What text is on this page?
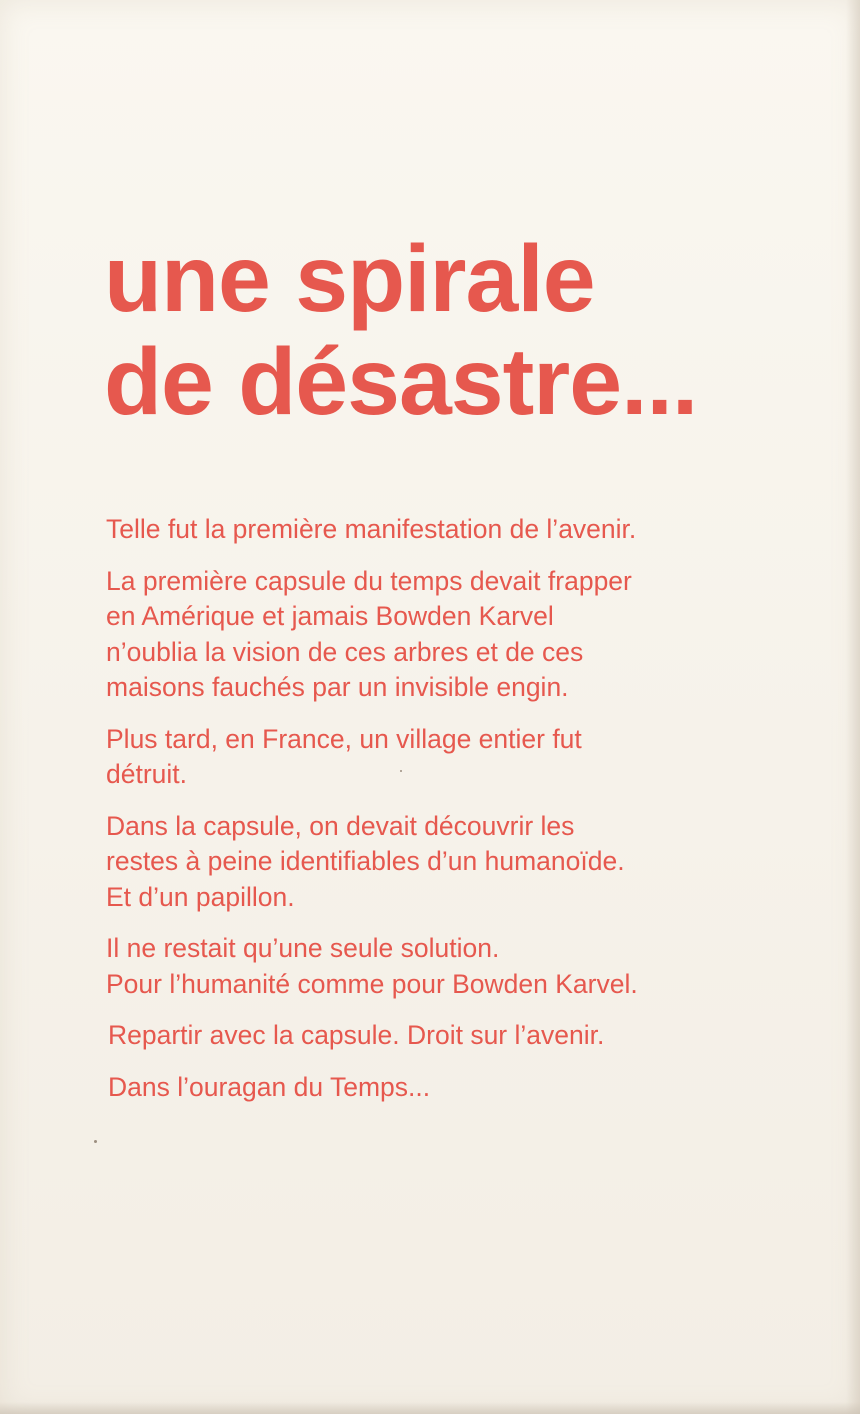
une spirale
de désastre...

Telle fut la première manifestation de l’avenir.

La première capsule du temps devait frapper
en Amérique et jamais Bowden Karvel
n’oublia la vision de ces arbres et de ces
maisons fauchés par un invisible engin.

Plus tard, en France, un village entier fut
détruit.

Dans la capsule, on devait découvrir les
restes à peine identifiables d’un humanoïde.
Et d’un papillon.

Il ne restait qu’une seule solution.
Pour l’humanité comme pour Bowden Karvel.

Repartir avec la capsule. Droit sur l’avenir.

Dans l’ouragan du Temps...
